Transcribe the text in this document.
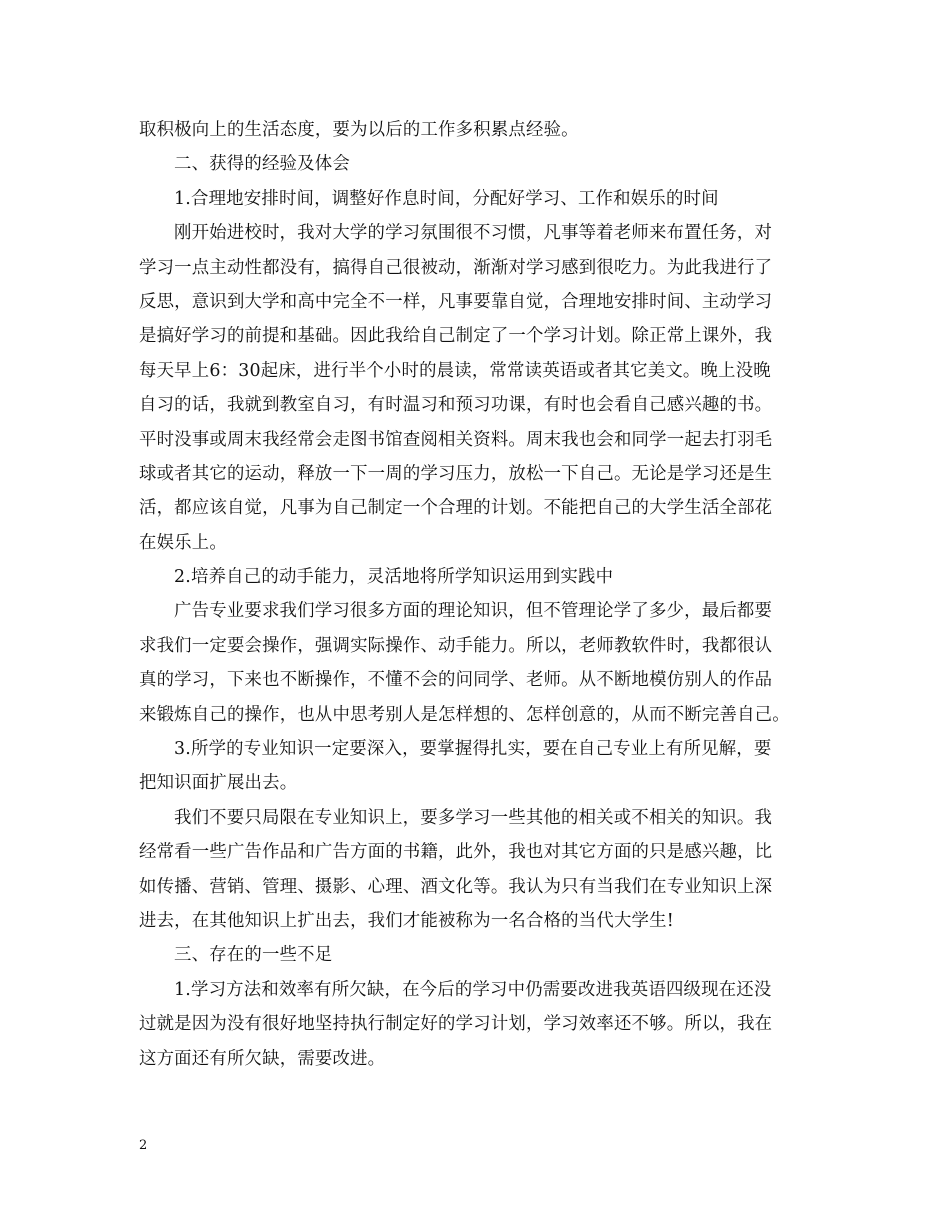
取积极向上的生活态度，要为以后的工作多积累点经验。
二、获得的经验及体会
1.合理地安排时间，调整好作息时间，分配好学习、工作和娱乐的时间
刚开始进校时，我对大学的学习氛围很不习惯，凡事等着老师来布置任务，对
学习一点主动性都没有，搞得自己很被动，渐渐对学习感到很吃力。为此我进行了
反思，意识到大学和高中完全不一样，凡事要靠自觉，合理地安排时间、主动学习
是搞好学习的前提和基础。因此我给自己制定了一个学习计划。除正常上课外，我
每天早上6：30起床，进行半个小时的晨读，常常读英语或者其它美文。晚上没晚
自习的话，我就到教室自习，有时温习和预习功课，有时也会看自己感兴趣的书。
平时没事或周末我经常会走图书馆查阅相关资料。周末我也会和同学一起去打羽毛
球或者其它的运动，释放一下一周的学习压力，放松一下自己。无论是学习还是生
活，都应该自觉，凡事为自己制定一个合理的计划。不能把自己的大学生活全部花
在娱乐上。
2.培养自己的动手能力，灵活地将所学知识运用到实践中
广告专业要求我们学习很多方面的理论知识，但不管理论学了多少，最后都要
求我们一定要会操作，强调实际操作、动手能力。所以，老师教软件时，我都很认
真的学习，下来也不断操作，不懂不会的问同学、老师。从不断地模仿别人的作品
来锻炼自己的操作，也从中思考别人是怎样想的、怎样创意的，从而不断完善自己。
3.所学的专业知识一定要深入，要掌握得扎实，要在自己专业上有所见解，要
把知识面扩展出去。
我们不要只局限在专业知识上，要多学习一些其他的相关或不相关的知识。我
经常看一些广告作品和广告方面的书籍，此外，我也对其它方面的只是感兴趣，比
如传播、营销、管理、摄影、心理、酒文化等。我认为只有当我们在专业知识上深
进去，在其他知识上扩出去，我们才能被称为一名合格的当代大学生!
三、存在的一些不足
1.学习方法和效率有所欠缺，在今后的学习中仍需要改进我英语四级现在还没
过就是因为没有很好地坚持执行制定好的学习计划，学习效率还不够。所以，我在
这方面还有所欠缺，需要改进。
2
